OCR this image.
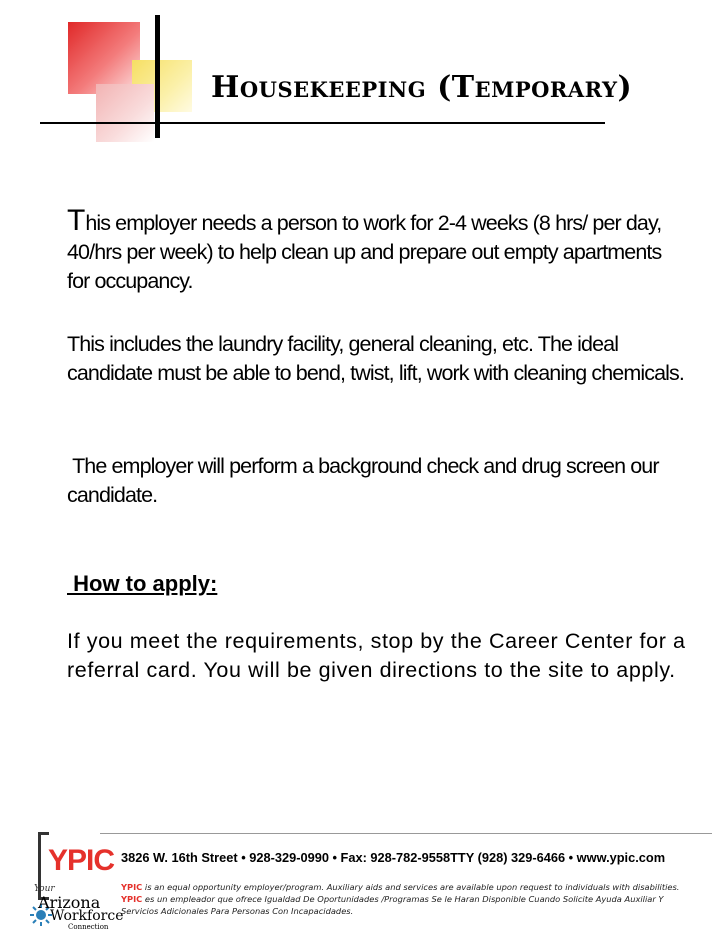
Housekeeping (Temporary)

This employer needs a person to work for 2-4 weeks (8 hrs/ per day, 40/hrs per week) to help clean up and prepare out empty apartments for occupancy.

This includes the laundry facility, general cleaning, etc. The ideal candidate must be able to bend, twist, lift, work with cleaning chemicals.

The employer will perform a background check and drug screen our candidate.

How to apply:

If you meet the requirements, stop by the Career Center for a referral card. You will be given directions to the site to apply.

3826 W. 16th Street • 928-329-0990 • Fax: 928-782-9558TTY (928) 329-6466 • www.ypic.com

YPIC is an equal opportunity employer/program. Auxiliary aids and services are available upon request to individuals with disabilities.
YPIC es un empleador que ofrece Igualdad De Oportunidades /Programas Se le Haran Disponible Cuando Solicite Ayuda Auxiliar Y Servicios Adicionales Para Personas Con Incapacidades.

YPIC
Your
Arizona
Workforce
Connection
